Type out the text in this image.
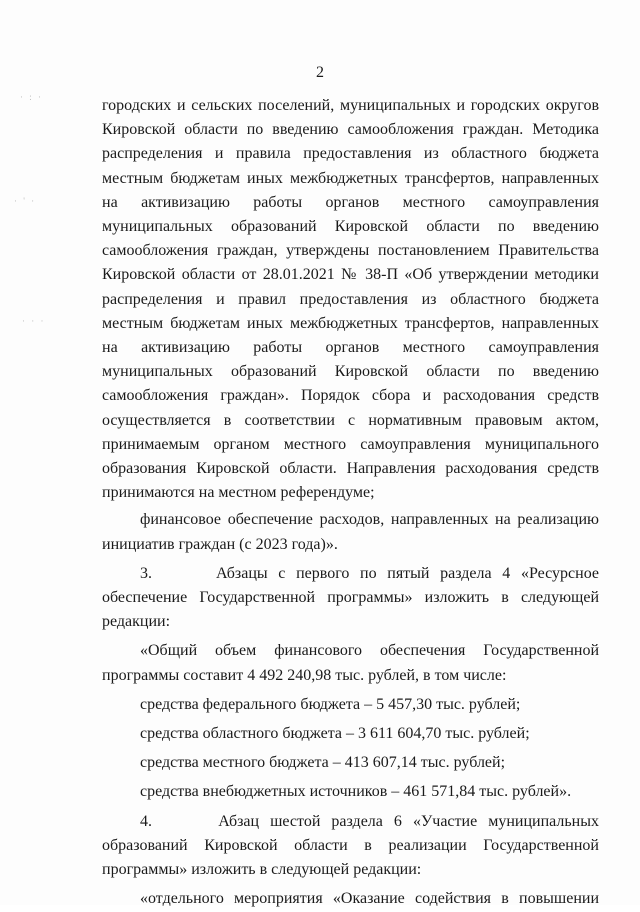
· : ·
· ' ·
· · ·
2

городских и сельских поселений, муниципальных и городских округов Кировской области по введению самообложения граждан. Методика распределения и правила предоставления из областного бюджета местным бюджетам иных межбюджетных трансфертов, направленных на активизацию работы органов местного самоуправления муниципальных образований Кировской области по введению самообложения граждан, утверждены постановлением Правительства Кировской области от 28.01.2021 № 38-П «Об утверждении методики распределения и правил предоставления из областного бюджета местным бюджетам иных межбюджетных трансфертов, направленных на активизацию работы органов местного самоуправления муниципальных образований Кировской области по введению самообложения граждан». Порядок сбора и расходования средств осуществляется в соответствии с нормативным правовым актом, принимаемым органом местного самоуправления муниципального образования Кировской области. Направления расходования средств принимаются на местном референдуме;

финансовое обеспечение расходов, направленных на реализацию инициатив граждан (с 2023 года)».

3.      Абзацы с первого по пятый раздела 4 «Ресурсное обеспечение Государственной программы» изложить в следующей редакции:

«Общий объем финансового обеспечения Государственной программы составит 4 492 240,98 тыс. рублей, в том числе:

средства федерального бюджета – 5 457,30 тыс. рублей;

средства областного бюджета – 3 611 604,70 тыс. рублей;

средства местного бюджета – 413 607,14 тыс. рублей;

средства внебюджетных источников – 461 571,84 тыс. рублей».

4.      Абзац шестой раздела 6 «Участие муниципальных образований Кировской области в реализации Государственной программы» изложить в следующей редакции:

«отдельного мероприятия «Оказание содействия в повышении
